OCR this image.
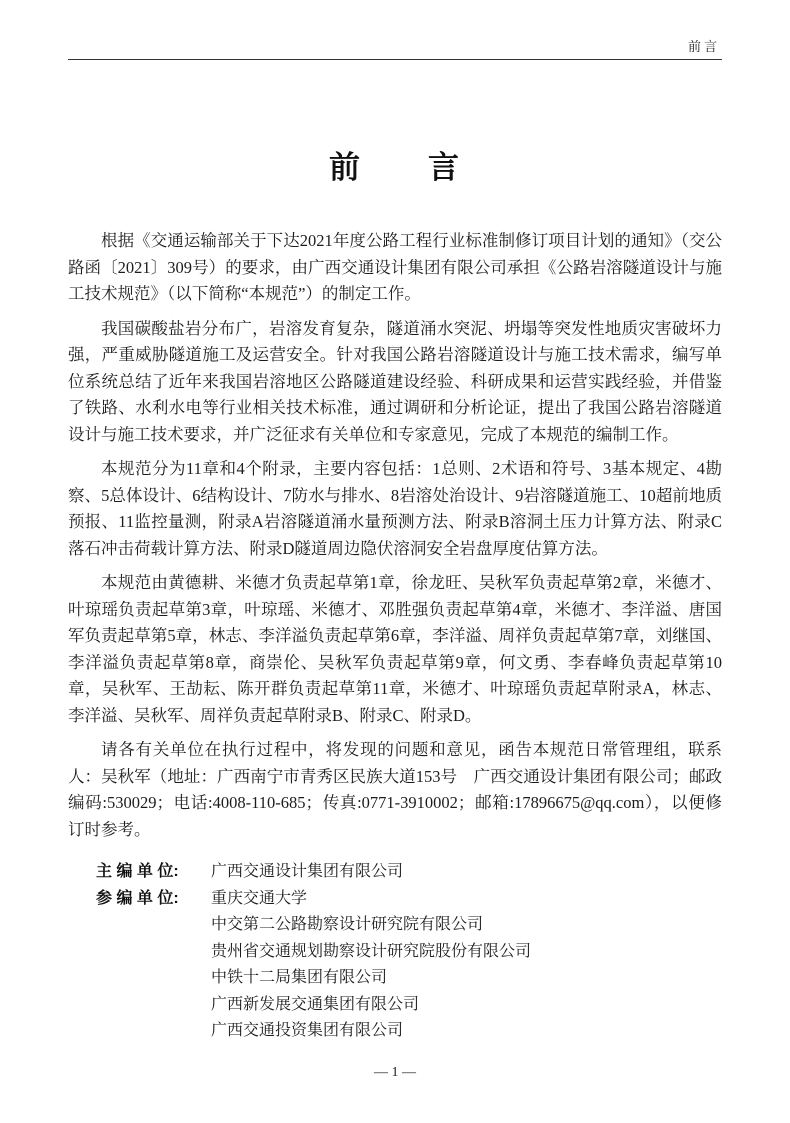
前言
前　　言

根据《交通运输部关于下达2021年度公路工程行业标准制修订项目计划的通知》（交公路函〔2021〕309号）的要求，由广西交通设计集团有限公司承担《公路岩溶隧道设计与施工技术规范》（以下简称“本规范”）的制定工作。

我国碳酸盐岩分布广，岩溶发育复杂，隧道涌水突泥、坍塌等突发性地质灾害破坏力强，严重威胁隧道施工及运营安全。针对我国公路岩溶隧道设计与施工技术需求，编写单位系统总结了近年来我国岩溶地区公路隧道建设经验、科研成果和运营实践经验，并借鉴了铁路、水利水电等行业相关技术标准，通过调研和分析论证，提出了我国公路岩溶隧道设计与施工技术要求，并广泛征求有关单位和专家意见，完成了本规范的编制工作。

本规范分为11章和4个附录，主要内容包括：1总则、2术语和符号、3基本规定、4勘察、5总体设计、6结构设计、7防水与排水、8岩溶处治设计、9岩溶隧道施工、10超前地质预报、11监控量测，附录A岩溶隧道涌水量预测方法、附录B溶洞土压力计算方法、附录C落石冲击荷载计算方法、附录D隧道周边隐伏溶洞安全岩盘厚度估算方法。

本规范由黄德耕、米德才负责起草第1章，徐龙旺、吴秋军负责起草第2章，米德才、叶琼瑶负责起草第3章，叶琼瑶、米德才、邓胜强负责起草第4章，米德才、李洋溢、唐国军负责起草第5章，林志、李洋溢负责起草第6章，李洋溢、周祥负责起草第7章，刘继国、李洋溢负责起草第8章，商崇伦、吴秋军负责起草第9章，何文勇、李春峰负责起草第10章，吴秋军、王劼耘、陈开群负责起草第11章，米德才、叶琼瑶负责起草附录A，林志、李洋溢、吴秋军、周祥负责起草附录B、附录C、附录D。

请各有关单位在执行过程中，将发现的问题和意见，函告本规范日常管理组，联系人：吴秋军（地址：广西南宁市青秀区民族大道153号　广西交通设计集团有限公司；邮政编码:530029；电话:4008-110-685；传真:0771-3910002；邮箱:17896675@qq.com），以便修订时参考。

主 编 单 位:	广西交通设计集团有限公司
参 编 单 位:	重庆交通大学
中交第二公路勘察设计研究院有限公司
贵州省交通规划勘察设计研究院股份有限公司
中铁十二局集团有限公司
广西新发展交通集团有限公司
广西交通投资集团有限公司
— 1 —
